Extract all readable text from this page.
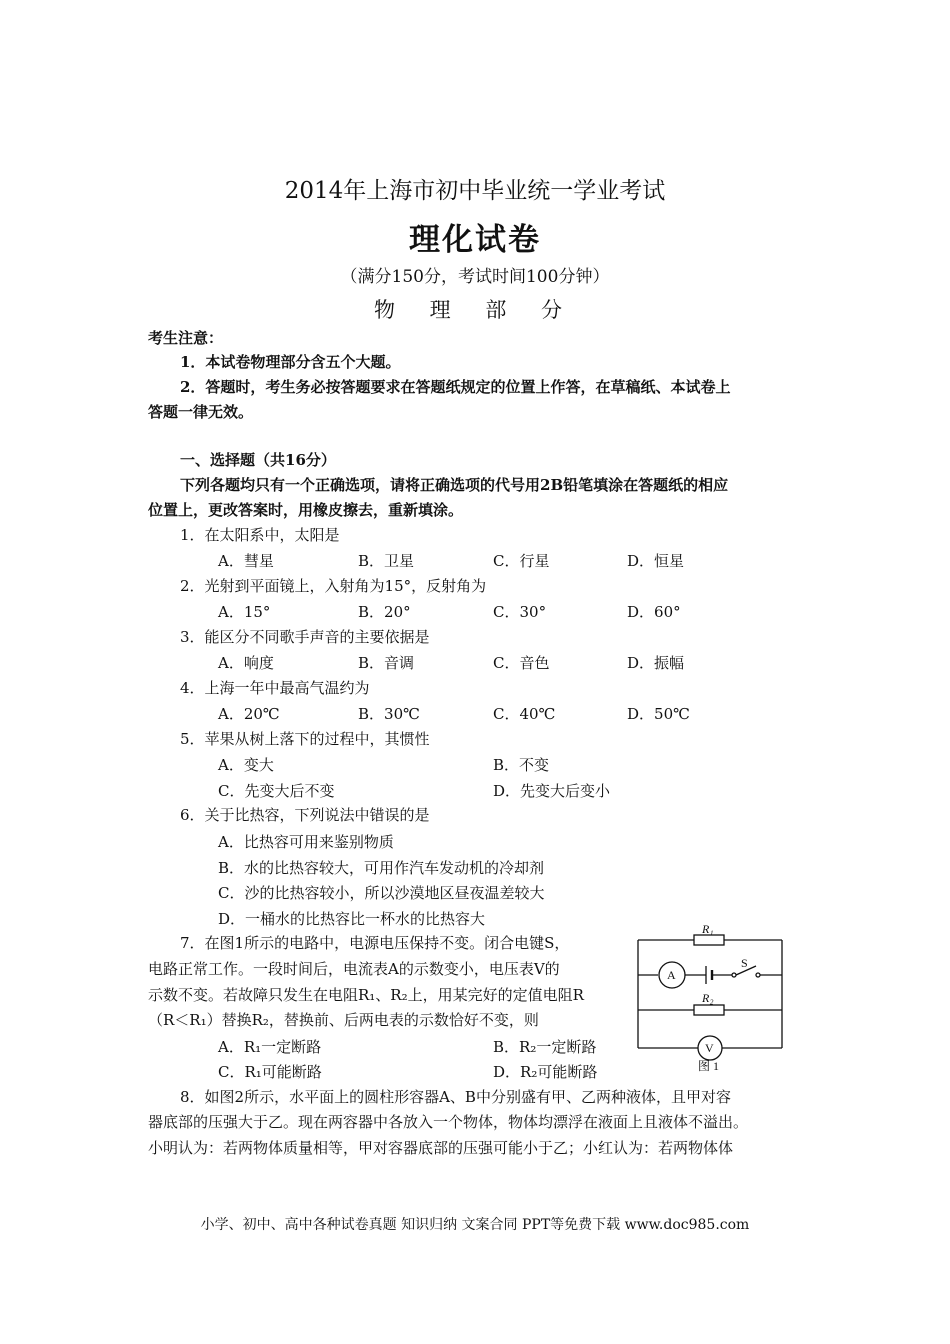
2014年上海市初中毕业统一学业考试
理化试卷
（满分150分，考试时间100分钟）
物 理 部 分
考生注意：
1．本试卷物理部分含五个大题。
2．答题时，考生务必按答题要求在答题纸规定的位置上作答，在草稿纸、本试卷上
答题一律无效。
一、选择题（共16分）
下列各题均只有一个正确选项，请将正确选项的代号用2B铅笔填涂在答题纸的相应
位置上，更改答案时，用橡皮擦去，重新填涂。
1．在太阳系中，太阳是
A．彗星	B．卫星	C．行星	D．恒星
2．光射到平面镜上，入射角为15°，反射角为
A．15°	B．20°	C．30°	D．60°
3．能区分不同歌手声音的主要依据是
A．响度	B．音调	C．音色	D．振幅
4．上海一年中最高气温约为
A．20℃	B．30℃	C．40℃	D．50℃
5．苹果从树上落下的过程中，其惯性
A．变大	B．不变
C．先变大后不变	D．先变大后变小
6．关于比热容，下列说法中错误的是
A．比热容可用来鉴别物质
B．水的比热容较大，可用作汽车发动机的冷却剂
C．沙的比热容较小，所以沙漠地区昼夜温差较大
D．一桶水的比热容比一杯水的比热容大
7．在图1所示的电路中，电源电压保持不变。闭合电键S，
电路正常工作。一段时间后，电流表A的示数变小，电压表V的
示数不变。若故障只发生在电阻R₁、R₂上，用某完好的定值电阻R
（R＜R₁）替换R₂，替换前、后两电表的示数恰好不变，则
A．R₁一定断路	B．R₂一定断路
C．R₁可能断路	D．R₂可能断路
R₁
A
S
R₂
V
图 1
8．如图2所示，水平面上的圆柱形容器A、B中分别盛有甲、乙两种液体，且甲对容
器底部的压强大于乙。现在两容器中各放入一个物体，物体均漂浮在液面上且液体不溢出。
小明认为：若两物体质量相等，甲对容器底部的压强可能小于乙；小红认为：若两物体体
小学、初中、高中各种试卷真题 知识归纳 文案合同 PPT等免费下载 www.doc985.com
